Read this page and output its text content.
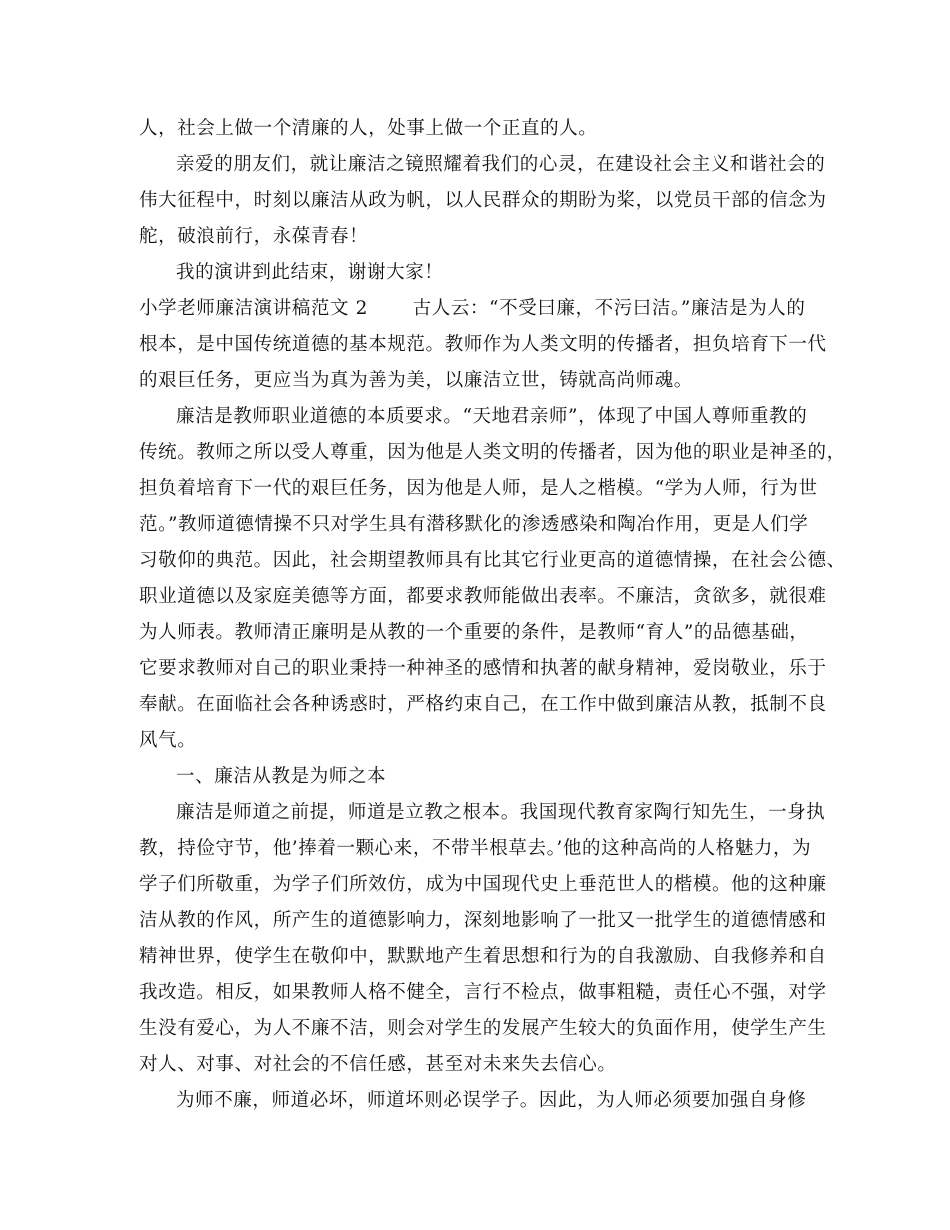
人，社会上做一个清廉的人，处事上做一个正直的人。
亲爱的朋友们，就让廉洁之镜照耀着我们的心灵，在建设社会主义和谐社会的
伟大征程中，时刻以廉洁从政为帆，以人民群众的期盼为桨，以党员干部的信念为
舵，破浪前行，永葆青春！
我的演讲到此结束，谢谢大家！
小学老师廉洁演讲稿范文 2　　 古人云：“不受曰廉，不污曰洁。”廉洁是为人的
根本，是中国传统道德的基本规范。教师作为人类文明的传播者，担负培育下一代
的艰巨任务，更应当为真为善为美，以廉洁立世，铸就高尚师魂。
廉洁是教师职业道德的本质要求。“天地君亲师”，体现了中国人尊师重教的
传统。教师之所以受人尊重，因为他是人类文明的传播者，因为他的职业是神圣的，
担负着培育下一代的艰巨任务，因为他是人师，是人之楷模。“学为人师，行为世
范。”教师道德情操不只对学生具有潜移默化的渗透感染和陶冶作用，更是人们学
习敬仰的典范。因此，社会期望教师具有比其它行业更高的道德情操，在社会公德、
职业道德以及家庭美德等方面，都要求教师能做出表率。不廉洁，贪欲多，就很难
为人师表。教师清正廉明是从教的一个重要的条件，是教师“育人”的品德基础，
它要求教师对自己的职业秉持一种神圣的感情和执著的献身精神，爱岗敬业，乐于
奉献。在面临社会各种诱惑时，严格约束自己，在工作中做到廉洁从教，抵制不良
风气。
一、廉洁从教是为师之本
廉洁是师道之前提，师道是立教之根本。我国现代教育家陶行知先生，一身执
教，持俭守节，他’捧着一颗心来，不带半根草去。’他的这种高尚的人格魅力，为
学子们所敬重，为学子们所效仿，成为中国现代史上垂范世人的楷模。他的这种廉
洁从教的作风，所产生的道德影响力，深刻地影响了一批又一批学生的道德情感和
精神世界，使学生在敬仰中，默默地产生着思想和行为的自我激励、自我修养和自
我改造。相反，如果教师人格不健全，言行不检点，做事粗糙，责任心不强，对学
生没有爱心，为人不廉不洁，则会对学生的发展产生较大的负面作用，使学生产生
对人、对事、对社会的不信任感，甚至对未来失去信心。
为师不廉，师道必坏，师道坏则必误学子。因此，为人师必须要加强自身修
